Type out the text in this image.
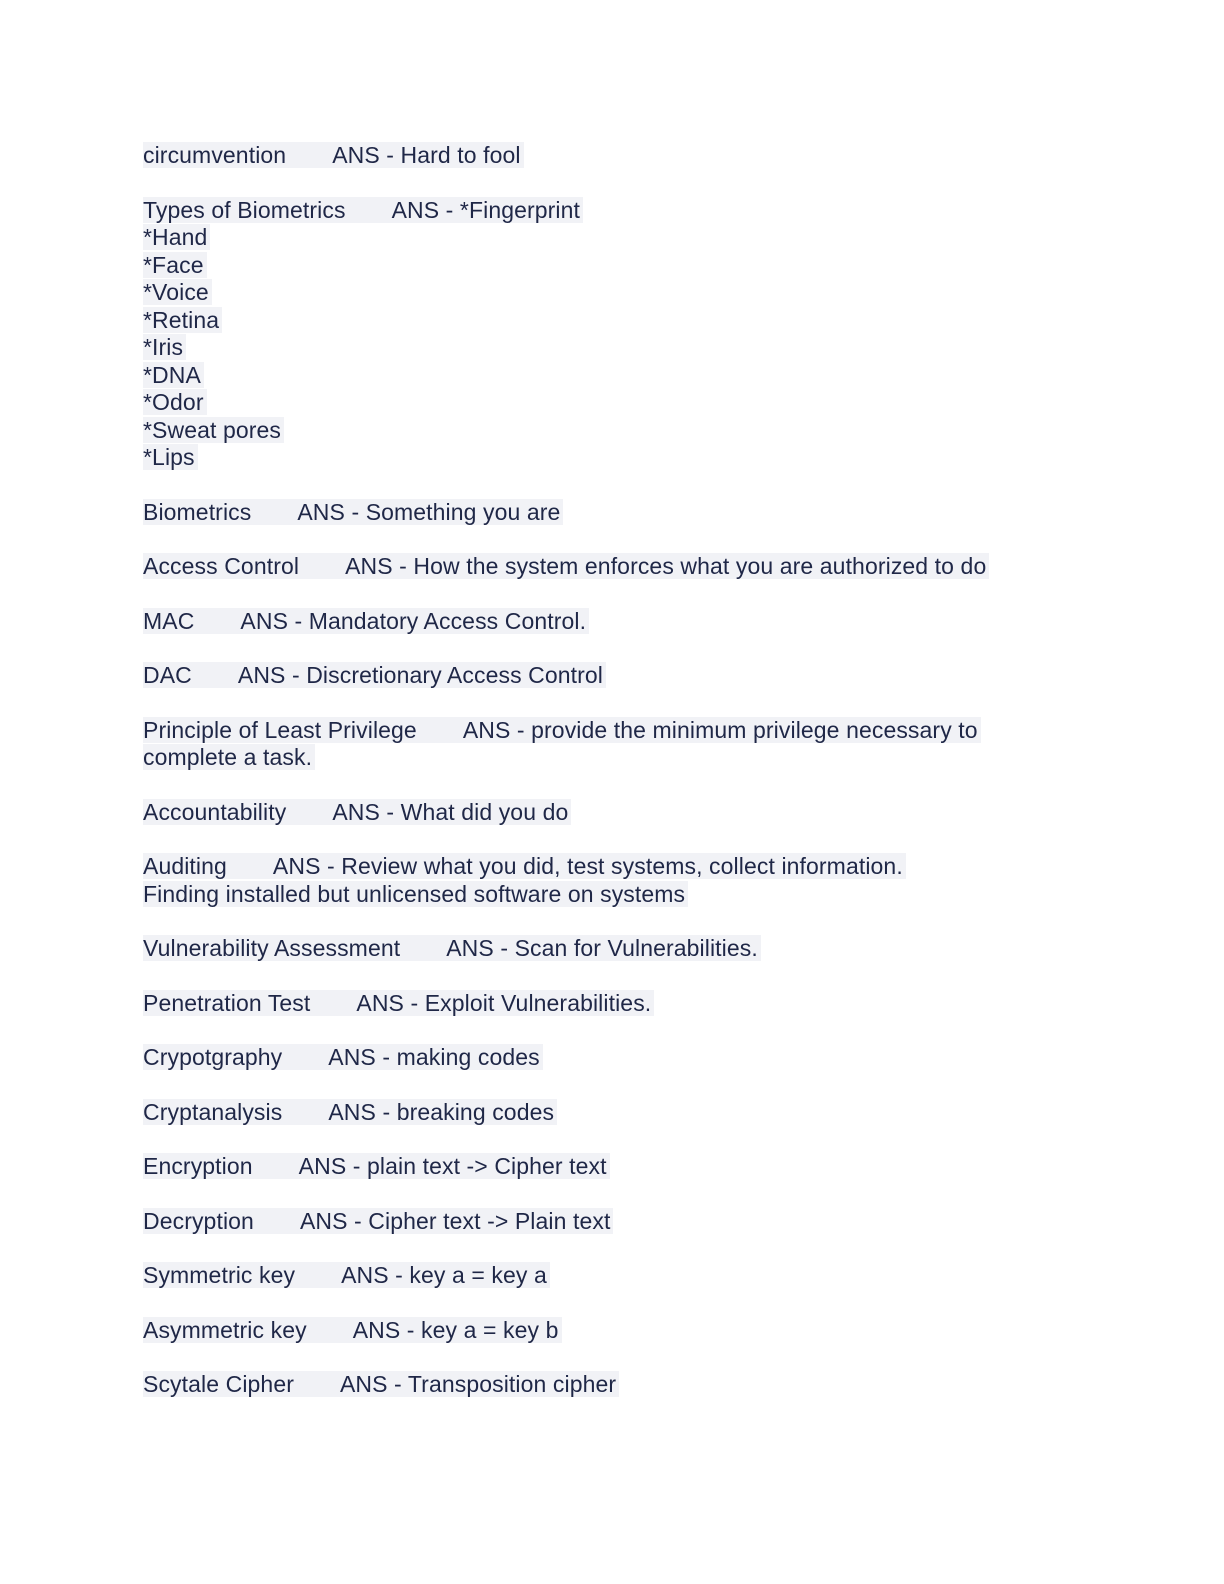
circumvention ANS - Hard to fool
Types of Biometrics ANS - *Fingerprint
*Hand
*Face
*Voice
*Retina
*Iris
*DNA
*Odor
*Sweat pores
*Lips
Biometrics ANS - Something you are
Access Control ANS - How the system enforces what you are authorized to do
MAC ANS - Mandatory Access Control.
DAC ANS - Discretionary Access Control
Principle of Least Privilege ANS - provide the minimum privilege necessary to
complete a task.
Accountability ANS - What did you do
Auditing ANS - Review what you did, test systems, collect information.
Finding installed but unlicensed software on systems
Vulnerability Assessment ANS - Scan for Vulnerabilities.
Penetration Test ANS - Exploit Vulnerabilities.
Crypotgraphy ANS - making codes
Cryptanalysis ANS - breaking codes
Encryption ANS - plain text -> Cipher text
Decryption ANS - Cipher text -> Plain text
Symmetric key ANS - key a = key a
Asymmetric key ANS - key a = key b
Scytale Cipher ANS - Transposition cipher
